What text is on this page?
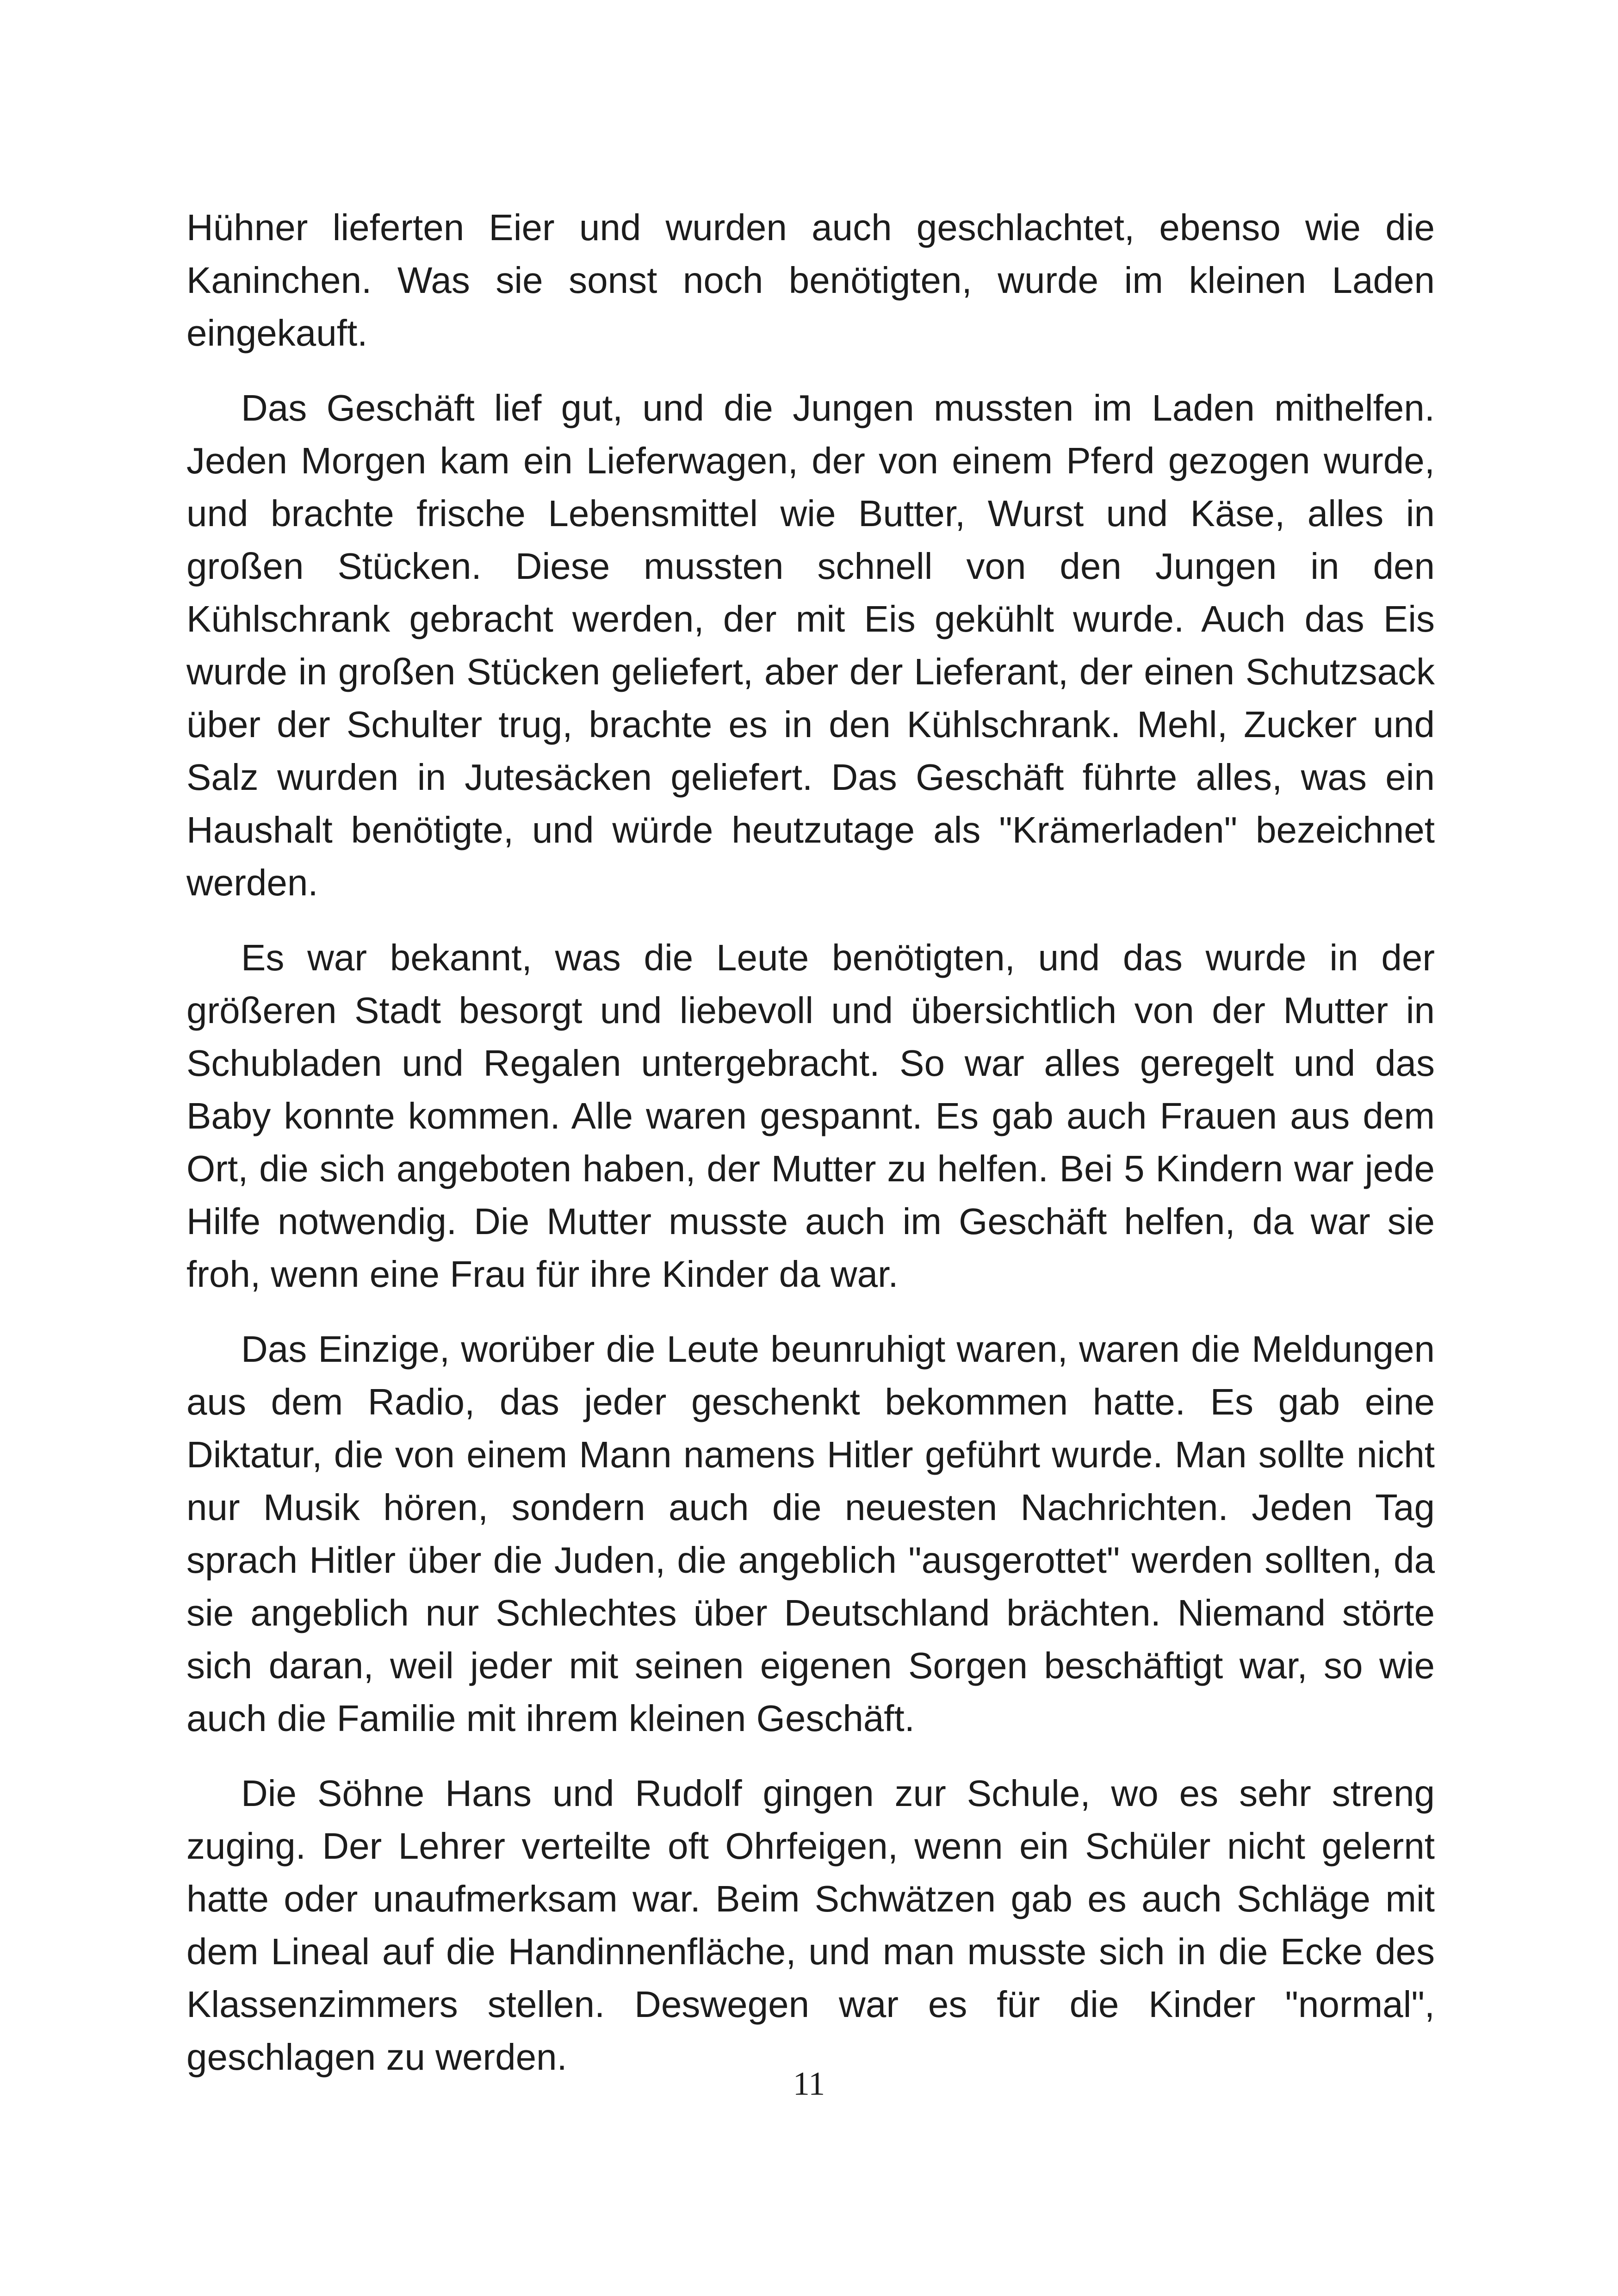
Hühner lieferten Eier und wurden auch geschlachtet, ebenso wie die Kaninchen. Was sie sonst noch benötigten, wurde im kleinen Laden eingekauft.

Das Geschäft lief gut, und die Jungen mussten im Laden mithelfen. Jeden Morgen kam ein Lieferwagen, der von einem Pferd gezogen wurde, und brachte frische Lebensmittel wie Butter, Wurst und Käse, alles in großen Stücken. Diese mussten schnell von den Jungen in den Kühlschrank gebracht werden, der mit Eis gekühlt wurde. Auch das Eis wurde in großen Stücken geliefert, aber der Lieferant, der einen Schutzsack über der Schulter trug, brachte es in den Kühlschrank. Mehl, Zucker und Salz wurden in Jutesäcken geliefert. Das Geschäft führte alles, was ein Haushalt benötigte, und würde heutzutage als "Krämerladen" bezeichnet werden.

Es war bekannt, was die Leute benötigten, und das wurde in der größeren Stadt besorgt und liebevoll und übersichtlich von der Mutter in Schubladen und Regalen untergebracht. So war alles geregelt und das Baby konnte kommen. Alle waren gespannt. Es gab auch Frauen aus dem Ort, die sich angeboten haben, der Mutter zu helfen. Bei 5 Kindern war jede Hilfe notwendig. Die Mutter musste auch im Geschäft helfen, da war sie froh, wenn eine Frau für ihre Kinder da war.

Das Einzige, worüber die Leute beunruhigt waren, waren die Meldungen aus dem Radio, das jeder geschenkt bekommen hatte. Es gab eine Diktatur, die von einem Mann namens Hitler geführt wurde. Man sollte nicht nur Musik hören, sondern auch die neuesten Nachrichten. Jeden Tag sprach Hitler über die Juden, die angeblich "ausgerottet" werden sollten, da sie angeblich nur Schlechtes über Deutschland brächten. Niemand störte sich daran, weil jeder mit seinen eigenen Sorgen beschäftigt war, so wie auch die Familie mit ihrem kleinen Geschäft.

Die Söhne Hans und Rudolf gingen zur Schule, wo es sehr streng zuging. Der Lehrer verteilte oft Ohrfeigen, wenn ein Schüler nicht gelernt hatte oder unaufmerksam war. Beim Schwätzen gab es auch Schläge mit dem Lineal auf die Handinnenfläche, und man musste sich in die Ecke des Klassenzimmers stellen. Deswegen war es für die Kinder "normal", geschlagen zu werden.

11
